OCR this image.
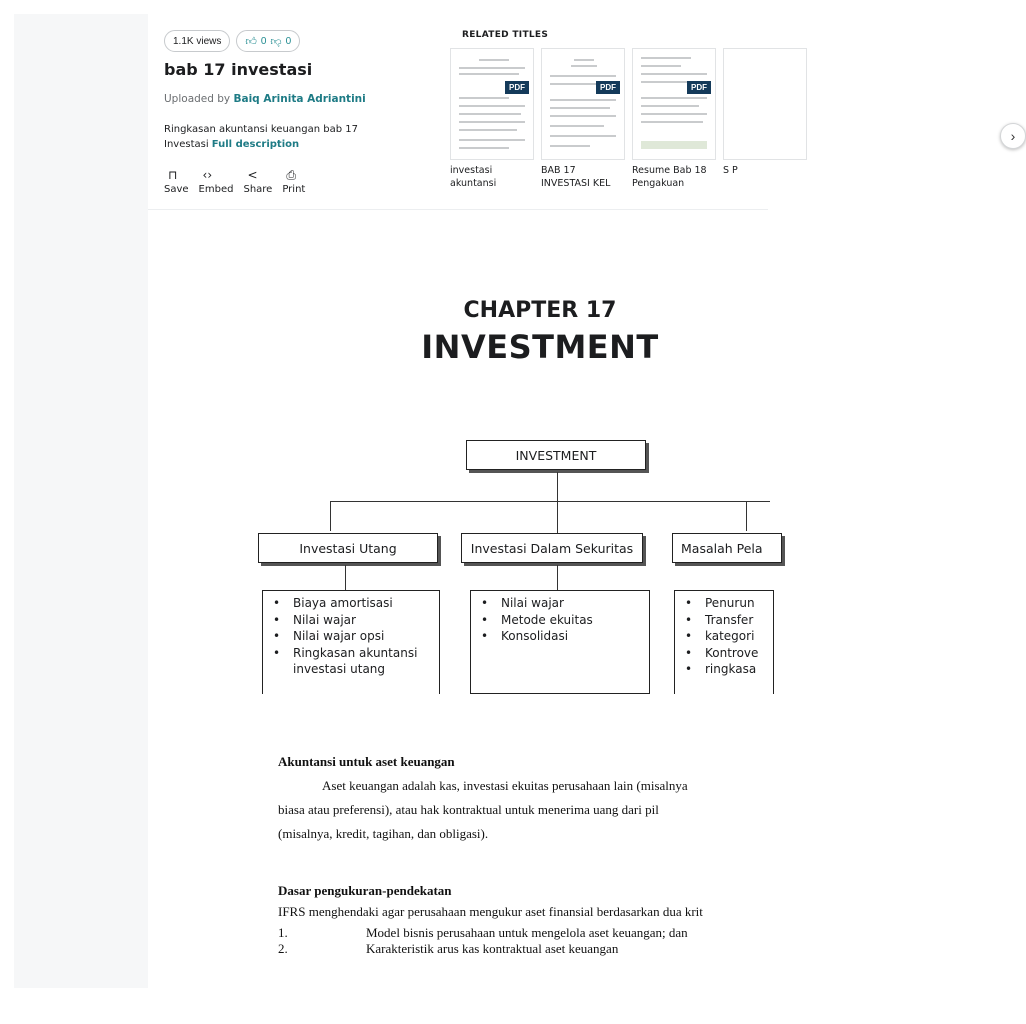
1.1K views 👍︎ 0 👎︎ 0
bab 17 investasi
Uploaded by Baiq Arinita Adriantini
Ringkasan akuntansi keuangan bab 17 Investasi Full description
⊓
Save
‹›
Embed
<
Share
⎙
Print
RELATED TITLES
PDF
investasi akuntansi
PDF
BAB 17 INVESTASI KEL
PDF
Resume Bab 18 Pengakuan
S P
›
CHAPTER 17
INVESTMENT
INVESTMENT
Investasi Utang	Investasi Dalam Sekuritas	Masalah Pela
• Biaya amortisasi
• Nilai wajar
• Nilai wajar opsi
• Ringkasan akuntansi investasi utang
• Nilai wajar
• Metode ekuitas
• Konsolidasi
• Penurun
• Transfer
• kategori
• Kontrove
• ringkasa
Akuntansi untuk aset keuangan
Aset keuangan adalah kas, investasi ekuitas perusahaan lain (misalnya
biasa atau preferensi), atau hak kontraktual untuk menerima uang dari pil
(misalnya, kredit, tagihan, dan obligasi).
Dasar pengukuran-pendekatan
IFRS menghendaki agar perusahaan mengukur aset finansial berdasarkan dua krit
1.	Model bisnis perusahaan untuk mengelola aset keuangan; dan
2.	Karakteristik arus kas kontraktual aset keuangan
